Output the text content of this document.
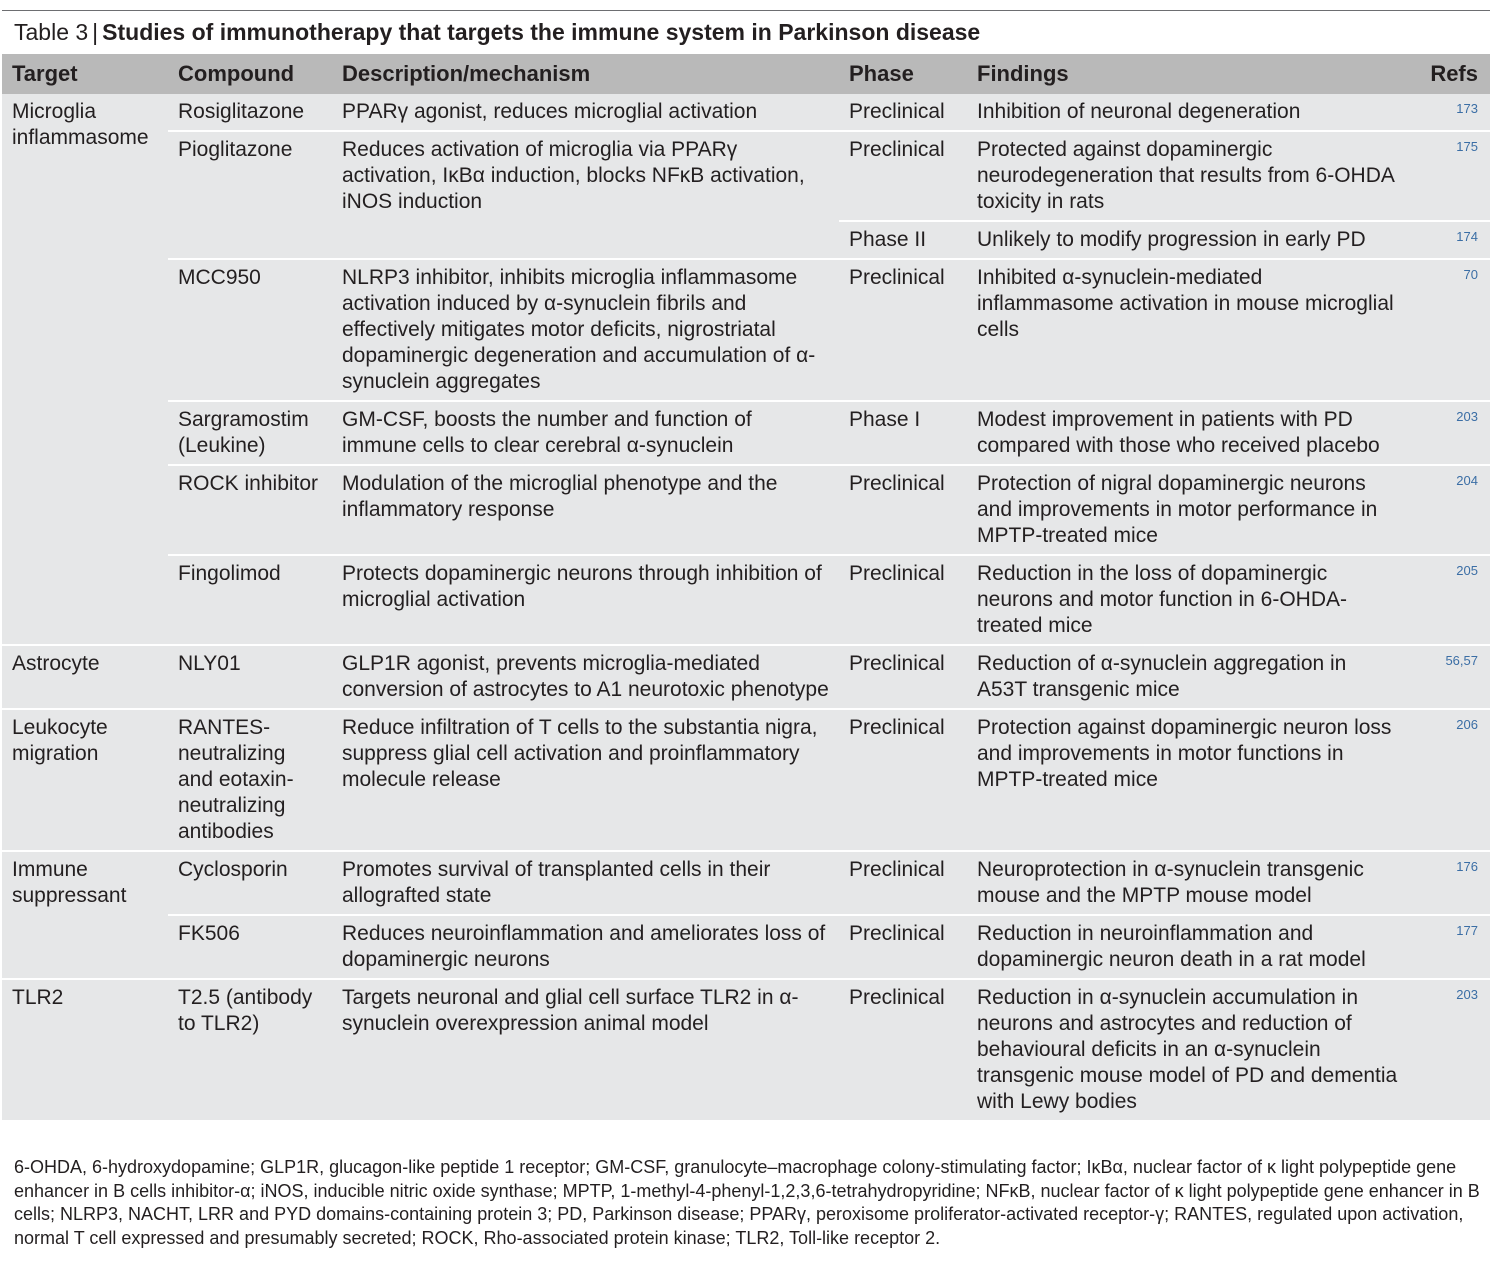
Table 3 | Studies of immunotherapy that targets the immune system in Parkinson disease
Target	Compound	Description/mechanism	Phase	Findings	Refs
Microglia inflammasome	Rosiglitazone	PPARγ agonist, reduces microglial activation	Preclinical	Inhibition of neuronal degeneration	173
	Pioglitazone	Reduces activation of microglia via PPARγ activation, IκBα induction, blocks NFκB activation, iNOS induction	Preclinical	Protected against dopaminergic neurodegeneration that results from 6-OHDA toxicity in rats	175
			Phase II	Unlikely to modify progression in early PD	174
	MCC950	NLRP3 inhibitor, inhibits microglia inflammasome activation induced by α-synuclein fibrils and effectively mitigates motor deficits, nigrostriatal dopaminergic degeneration and accumulation of α-synuclein aggregates	Preclinical	Inhibited α-synuclein-mediated inflammasome activation in mouse microglial cells	70
	Sargramostim (Leukine)	GM-CSF, boosts the number and function of immune cells to clear cerebral α-synuclein	Phase I	Modest improvement in patients with PD compared with those who received placebo	203
	ROCK inhibitor	Modulation of the microglial phenotype and the inflammatory response	Preclinical	Protection of nigral dopaminergic neurons and improvements in motor performance in MPTP-treated mice	204
	Fingolimod	Protects dopaminergic neurons through inhibition of microglial activation	Preclinical	Reduction in the loss of dopaminergic neurons and motor function in 6-OHDA-treated mice	205
Astrocyte	NLY01	GLP1R agonist, prevents microglia-mediated conversion of astrocytes to A1 neurotoxic phenotype	Preclinical	Reduction of α-synuclein aggregation in A53T transgenic mice	56,57
Leukocyte migration	RANTES-neutralizing and eotaxin-neutralizing antibodies	Reduce infiltration of T cells to the substantia nigra, suppress glial cell activation and proinflammatory molecule release	Preclinical	Protection against dopaminergic neuron loss and improvements in motor functions in MPTP-treated mice	206
Immune suppressant	Cyclosporin	Promotes survival of transplanted cells in their allografted state	Preclinical	Neuroprotection in α-synuclein transgenic mouse and the MPTP mouse model	176
	FK506	Reduces neuroinflammation and ameliorates loss of dopaminergic neurons	Preclinical	Reduction in neuroinflammation and dopaminergic neuron death in a rat model	177
TLR2	T2.5 (antibody to TLR2)	Targets neuronal and glial cell surface TLR2 in α-synuclein overexpression animal model	Preclinical	Reduction in α-synuclein accumulation in neurons and astrocytes and reduction of behavioural deficits in an α-synuclein transgenic mouse model of PD and dementia with Lewy bodies	203
6-OHDA, 6-hydroxydopamine; GLP1R, glucagon-like peptide 1 receptor; GM-CSF, granulocyte–macrophage colony-stimulating factor; IκBα, nuclear factor of κ light polypeptide gene enhancer in B cells inhibitor-α; iNOS, inducible nitric oxide synthase; MPTP, 1-methyl-4-phenyl-1,2,3,6-tetrahydropyridine; NFκB, nuclear factor of κ light polypeptide gene enhancer in B cells; NLRP3, NACHT, LRR and PYD domains-containing protein 3; PD, Parkinson disease; PPARγ, peroxisome proliferator-activated receptor-γ; RANTES, regulated upon activation, normal T cell expressed and presumably secreted; ROCK, Rho-associated protein kinase; TLR2, Toll-like receptor 2.
